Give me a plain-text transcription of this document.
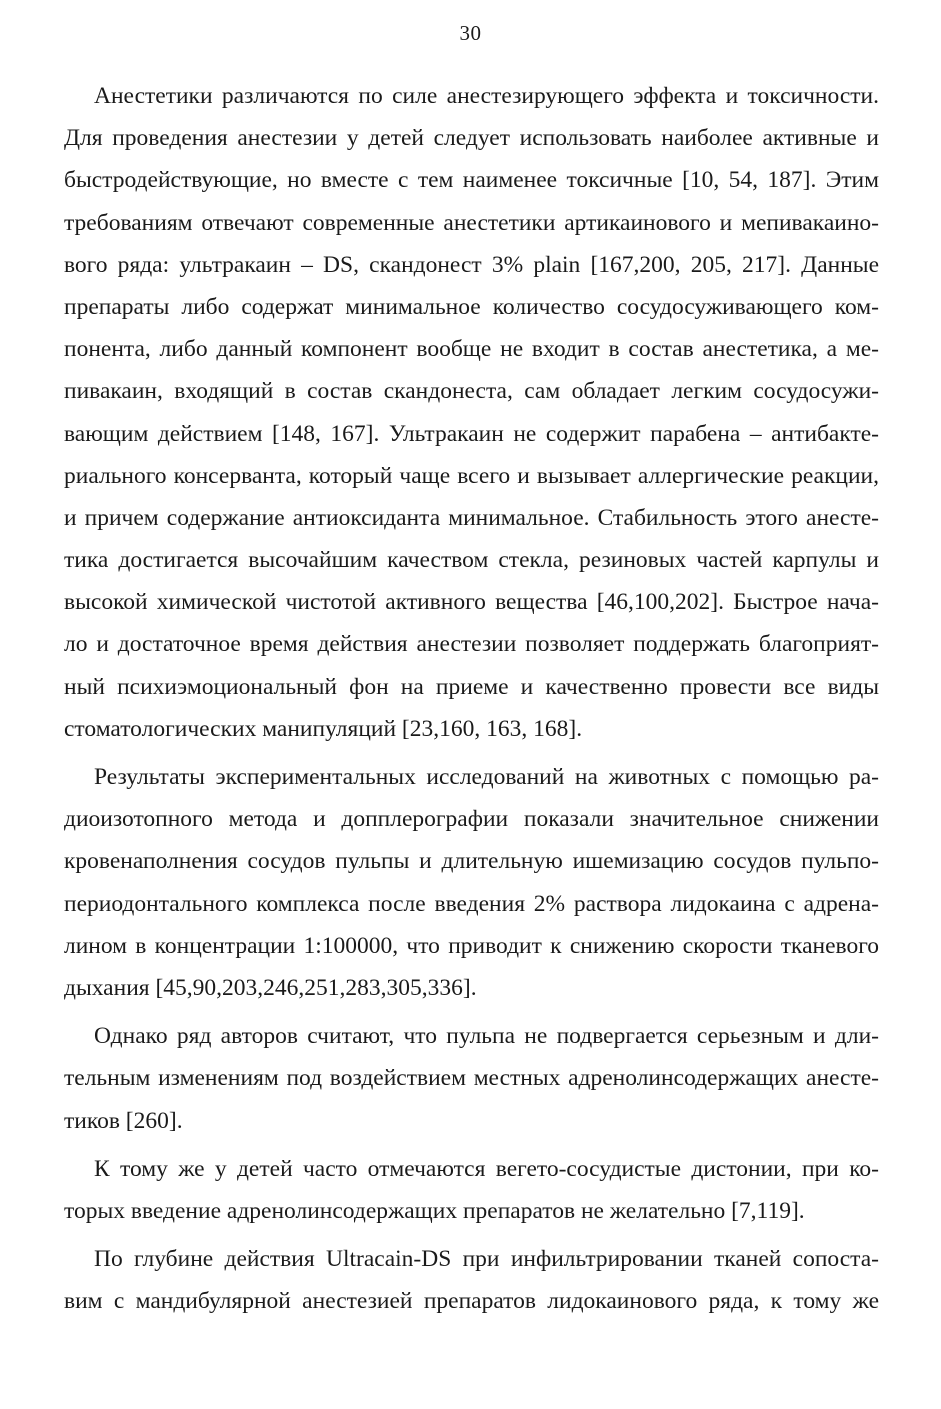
30
Анестетики различаются по силе анестезирующего эффекта и токсичности.
Для проведения анестезии у детей следует использовать наиболее активные и
быстродействующие, но вместе с тем наименее токсичные [10, 54, 187]. Этим
требованиям отвечают современные анестетики артикаинового и мепивакаино-
вого ряда: ультракаин – DS, скандонест 3% plain [167,200, 205, 217]. Данные
препараты либо содержат минимальное количество сосудосуживающего ком-
понента, либо данный компонент вообще не входит в состав анестетика, а ме-
пивакаин, входящий в состав скандонеста, сам обладает легким сосудосужи-
вающим действием [148, 167]. Ультракаин не содержит парабена – антибакте-
риального консерванта, который чаще всего и вызывает аллергические реакции,
и причем содержание антиоксиданта минимальное. Стабильность этого анесте-
тика достигается высочайшим качеством стекла, резиновых частей карпулы и
высокой химической чистотой активного вещества [46,100,202]. Быстрое нача-
ло и достаточное время действия анестезии позволяет поддержать благоприят-
ный психиэмоциональный фон на приеме и качественно провести все виды
стоматологических манипуляций [23,160, 163, 168].
Результаты экспериментальных исследований на животных с помощью ра-
диоизотопного метода и допплерографии показали значительное снижении
кровенаполнения сосудов пульпы и длительную ишемизацию сосудов пульпо-
периодонтального комплекса после введения 2% раствора лидокаина с адрена-
лином в концентрации 1:100000, что приводит к снижению скорости тканевого
дыхания [45,90,203,246,251,283,305,336].
Однако ряд авторов считают, что пульпа не подвергается серьезным и дли-
тельным изменениям под воздействием местных адренолинсодержащих анесте-
тиков [260].
К тому же у детей часто отмечаются вегето-сосудистые дистонии, при ко-
торых введение адренолинсодержащих препаратов не желательно [7,119].
По глубине действия Ultracain-DS при инфильтрировании тканей сопоста-
вим с мандибулярной анестезией препаратов лидокаинового ряда, к тому же
